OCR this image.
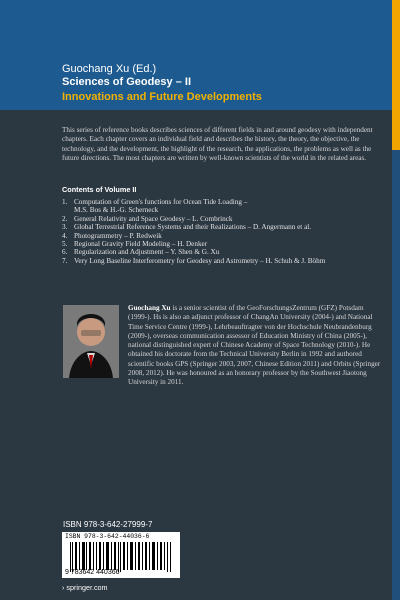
Guochang Xu (Ed.)
Sciences of Geodesy – II
Innovations and Future Developments
This series of reference books describes sciences of different fields in and around geodesy with independent chapters. Each chapter covers an individual field and describes the history, the theory, the objective, the technology, and the development, the highlight of the research, the applications, the problems as well as the future directions. The most chapters are written by well-known scientists of the world in the related areas.
Contents of Volume II
1. Computation of Green's functions for Ocean Tide Loading –
M.S. Bos & H.-G. Scherneck
2. General Relativity and Space Geodesy – L. Combrinck
3. Global Terrestrial Reference Systems and their Realizations – D. Angermann et al.
4. Photogrammetry – P. Redweik
5. Regional Gravity Field Modeling – H. Denker
6. Regularization and Adjustment – Y. Shen & G. Xu
7. Very Long Baseline Interferometry for Geodesy and Astrometry – H. Schuh & J. Böhm
Guochang Xu is a senior scientist of the GeoForschungsZentrum (GFZ) Potsdam (1999-). Hs is also an adjunct professor of ChangAn University (2004-) and National Time Service Centre (1999-), Lehrbeauftragter von der Hochschule Neubrandenburg (2009-), overseas communication assessor of Education Ministry of China (2005-), national distinguished expert of Chinese Academy of Space Technology (2010-). He obtained his doctorate from the Technical University Berlin in 1992 and authored scientific books GPS (Springer 2003, 2007, Chinese Edition 2011) and Orbits (Springer 2008, 2012). He was honoured as an honorary professor by the Southwest Jiaotong University in 2011.
ISBN 978-3-642-27999-7
ISBN 978-3-642-44036-6
9 783642 440366
› springer.com
